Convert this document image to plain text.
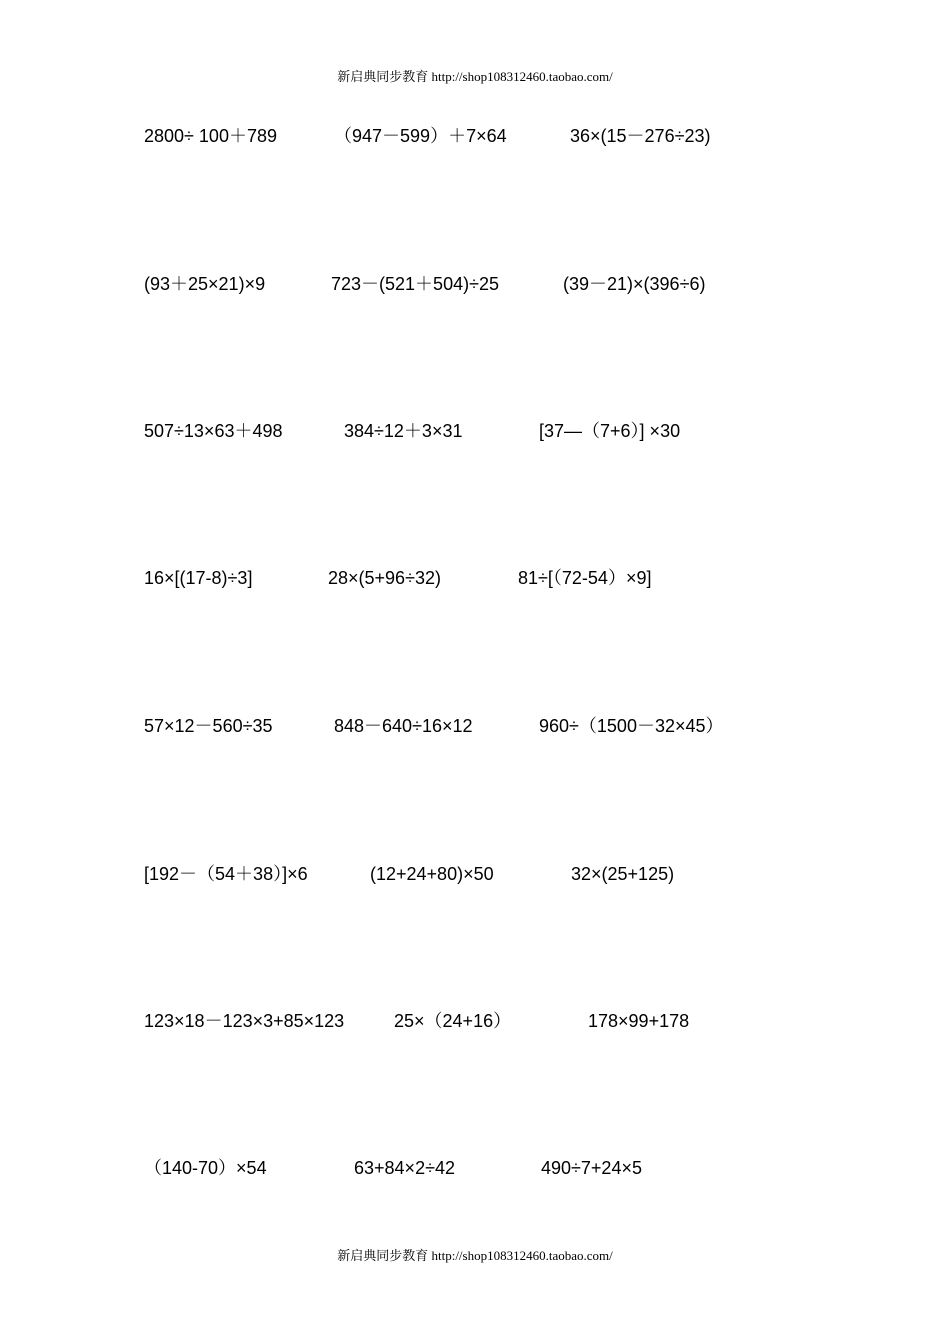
新启典同步教育 http://shop108312460.taobao.com/
2800÷ 100＋789	（947－599）＋7×64	36×(15－276÷23)
(93＋25×21)×9	723－(521＋504)÷25	(39－21)×(396÷6)
507÷13×63＋498	384÷12＋3×31	[37—（7+6）] ×30
16×[(17-8)÷3]	28×(5+96÷32)	81÷[（72-54）×9]
57×12－560÷35	848－640÷16×12	960÷（1500－32×45）
[192－（54＋38）]×6	(12+24+80)×50	32×(25+125)
123×18－123×3+85×123	25×（24+16）	178×99+178
（140-70）×54	63+84×2÷42	490÷7+24×5
新启典同步教育 http://shop108312460.taobao.com/
